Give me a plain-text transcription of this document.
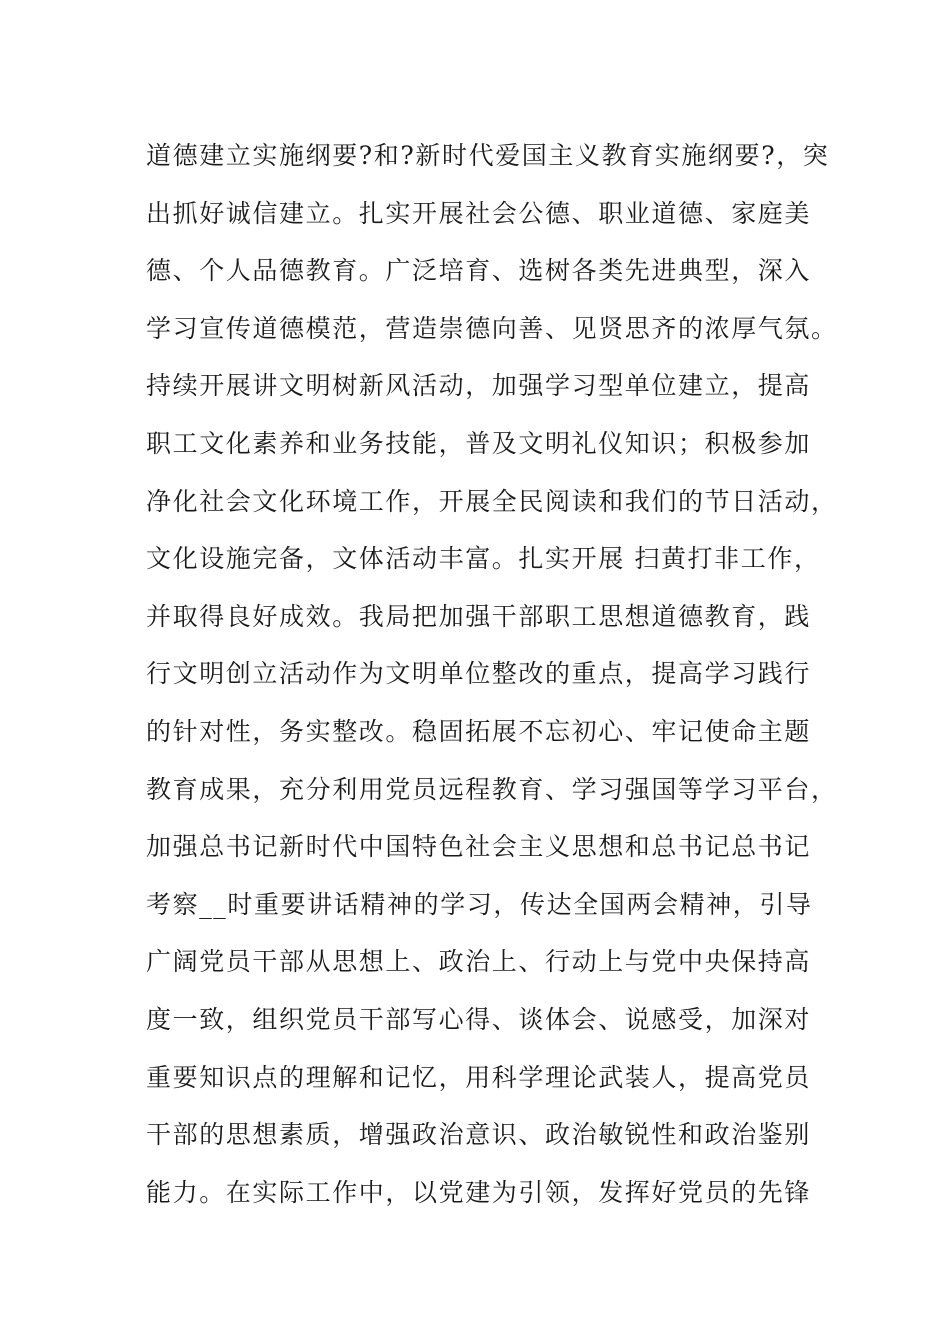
道德建立实施纲要?和?新时代爱国主义教育实施纲要?，突
出抓好诚信建立。扎实开展社会公德、职业道德、家庭美
德、个人品德教育。广泛培育、选树各类先进典型，深入
学习宣传道德模范，营造崇德向善、见贤思齐的浓厚气氛。
持续开展讲文明树新风活动，加强学习型单位建立，提高
职工文化素养和业务技能，普及文明礼仪知识；积极参加
净化社会文化环境工作，开展全民阅读和我们的节日活动，
文化设施完备，文体活动丰富。扎实开展 扫黄打非工作，
并取得良好成效。我局把加强干部职工思想道德教育，践
行文明创立活动作为文明单位整改的重点，提高学习践行
的针对性，务实整改。稳固拓展不忘初心、牢记使命主题
教育成果，充分利用党员远程教育、学习强国等学习平台，
加强总书记新时代中国特色社会主义思想和总书记总书记
考察__时重要讲话精神的学习，传达全国两会精神，引导
广阔党员干部从思想上、政治上、行动上与党中央保持高
度一致，组织党员干部写心得、谈体会、说感受，加深对
重要知识点的理解和记忆，用科学理论武装人，提高党员
干部的思想素质，增强政治意识、政治敏锐性和政治鉴别
能力。在实际工作中，以党建为引领，发挥好党员的先锋
